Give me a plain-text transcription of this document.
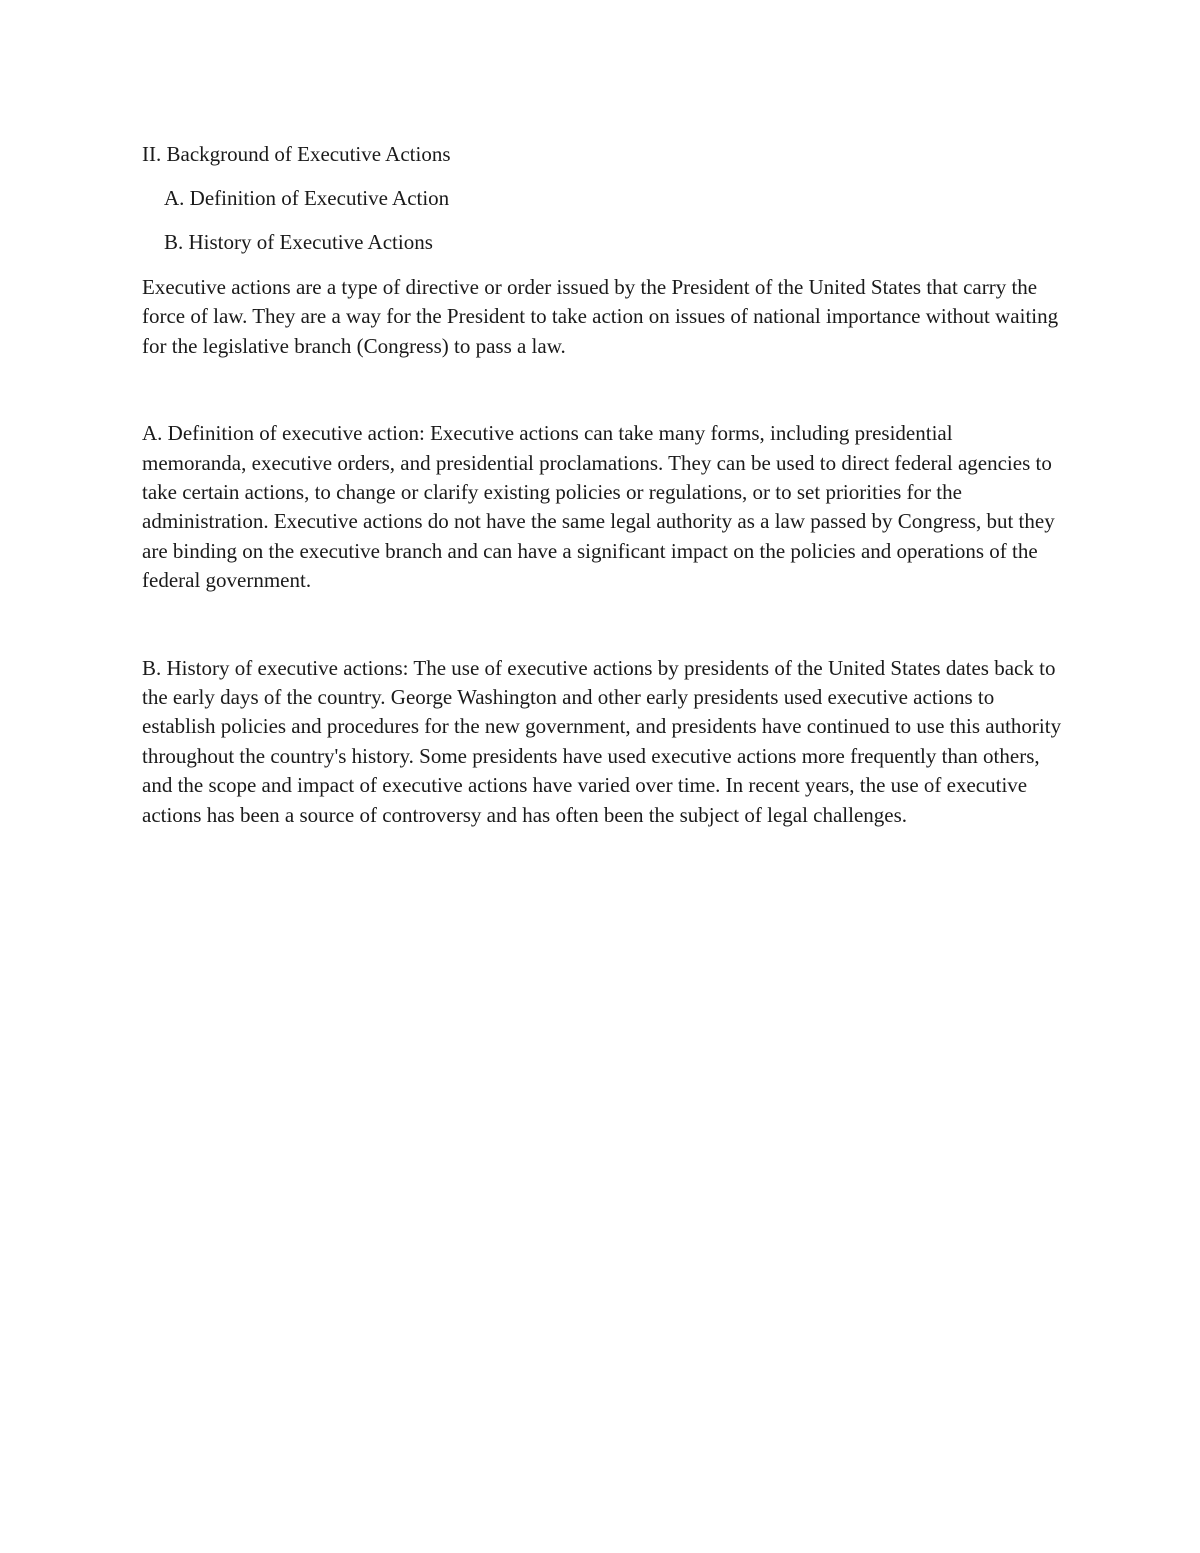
II. Background of Executive Actions
A. Definition of Executive Action
B. History of Executive Actions

Executive actions are a type of directive or order issued by the President of the United States that carry the force of law. They are a way for the President to take action on issues of national importance without waiting for the legislative branch (Congress) to pass a law.

A. Definition of executive action: Executive actions can take many forms, including presidential memoranda, executive orders, and presidential proclamations. They can be used to direct federal agencies to take certain actions, to change or clarify existing policies or regulations, or to set priorities for the administration. Executive actions do not have the same legal authority as a law passed by Congress, but they are binding on the executive branch and can have a significant impact on the policies and operations of the federal government.

B. History of executive actions: The use of executive actions by presidents of the United States dates back to the early days of the country. George Washington and other early presidents used executive actions to establish policies and procedures for the new government, and presidents have continued to use this authority throughout the country's history. Some presidents have used executive actions more frequently than others, and the scope and impact of executive actions have varied over time. In recent years, the use of executive actions has been a source of controversy and has often been the subject of legal challenges.
